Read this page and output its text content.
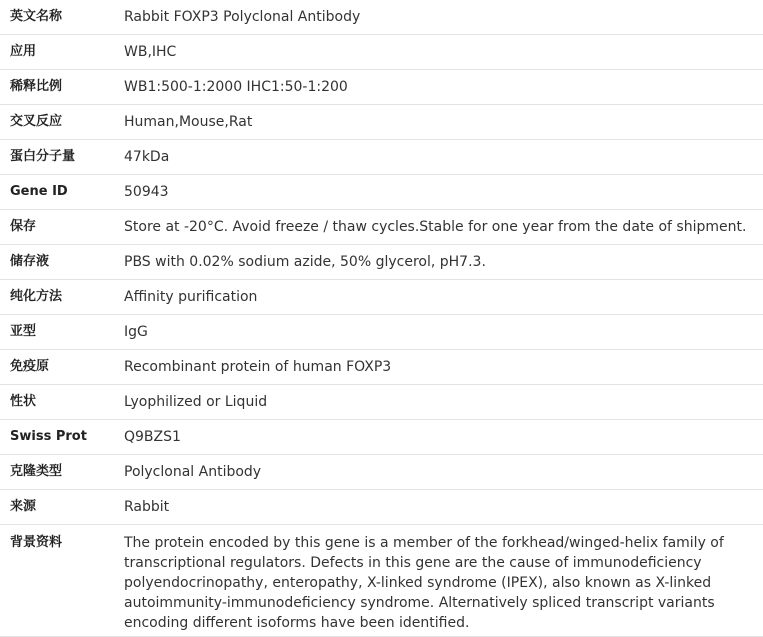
英文名称	Rabbit FOXP3 Polyclonal Antibody
应用	WB,IHC
稀释比例	WB1:500-1:2000 IHC1:50-1:200
交叉反应	Human,Mouse,Rat
蛋白分子量	47kDa
Gene ID	50943
保存	Store at -20°C. Avoid freeze / thaw cycles.Stable for one year from the date of shipment.
储存液	PBS with 0.02% sodium azide, 50% glycerol, pH7.3.
纯化方法	Affinity purification
亚型	IgG
免疫原	Recombinant protein of human FOXP3
性状	Lyophilized or Liquid
Swiss Prot	Q9BZS1
克隆类型	Polyclonal Antibody
来源	Rabbit
背景资料	The protein encoded by this gene is a member of the forkhead/winged-helix family of transcriptional regulators. Defects in this gene are the cause of immunodeficiency polyendocrinopathy, enteropathy, X-linked syndrome (IPEX), also known as X-linked autoimmunity-immunodeficiency syndrome. Alternatively spliced transcript variants encoding different isoforms have been identified.
